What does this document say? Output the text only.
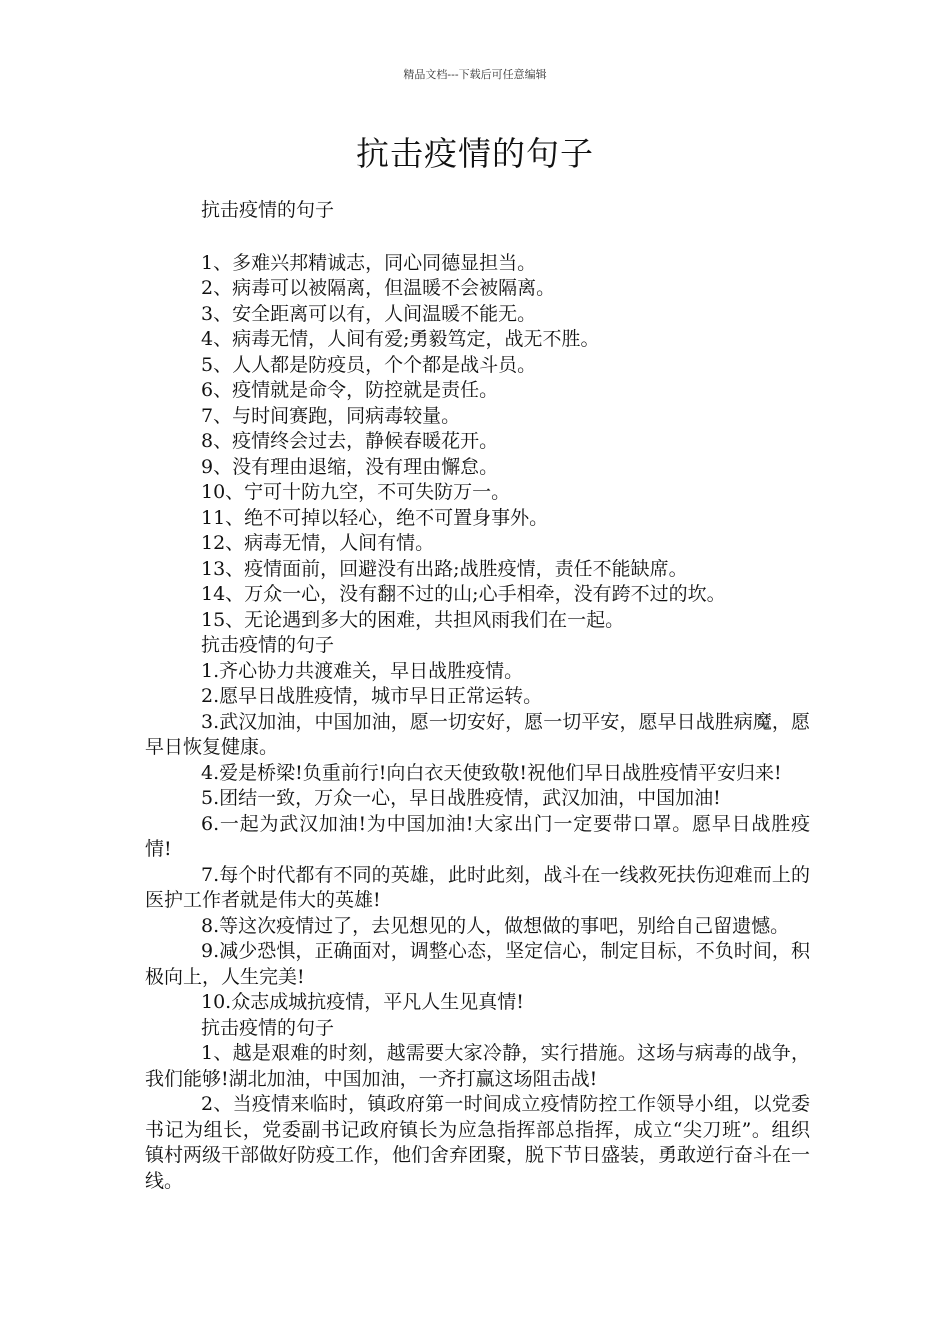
精品文档---下载后可任意编辑
抗击疫情的句子

抗击疫情的句子

1、多难兴邦精诚志，同心同德显担当。

2、病毒可以被隔离，但温暖不会被隔离。

3、安全距离可以有，人间温暖不能无。

4、病毒无情，人间有爱;勇毅笃定，战无不胜。

5、人人都是防疫员，个个都是战斗员。

6、疫情就是命令，防控就是责任。

7、与时间赛跑，同病毒较量。

8、疫情终会过去，静候春暖花开。

9、没有理由退缩，没有理由懈怠。

10、宁可十防九空，不可失防万一。

11、绝不可掉以轻心，绝不可置身事外。

12、病毒无情，人间有情。

13、疫情面前，回避没有出路;战胜疫情，责任不能缺席。

14、万众一心，没有翻不过的山;心手相牵，没有跨不过的坎。

15、无论遇到多大的困难，共担风雨我们在一起。

抗击疫情的句子

1.齐心协力共渡难关，早日战胜疫情。

2.愿早日战胜疫情，城市早日正常运转。

3.武汉加油，中国加油，愿一切安好，愿一切平安，愿早日战胜病魔，愿早日恢复健康。

4.爱是桥梁!负重前行!向白衣天使致敬!祝他们早日战胜疫情平安归来!

5.团结一致，万众一心，早日战胜疫情，武汉加油，中国加油!

6.一起为武汉加油!为中国加油!大家出门一定要带口罩。愿早日战胜疫情!

7.每个时代都有不同的英雄，此时此刻，战斗在一线救死扶伤迎难而上的医护工作者就是伟大的英雄!

8.等这次疫情过了，去见想见的人，做想做的事吧，别给自己留遗憾。

9.减少恐惧，正确面对，调整心态，坚定信心，制定目标，不负时间，积极向上，人生完美!

10.众志成城抗疫情，平凡人生见真情!

抗击疫情的句子

1、越是艰难的时刻，越需要大家冷静，实行措施。这场与病毒的战争，我们能够!湖北加油，中国加油，一齐打赢这场阻击战!

2、当疫情来临时，镇政府第一时间成立疫情防控工作领导小组，以党委书记为组长，党委副书记政府镇长为应急指挥部总指挥，成立“尖刀班”。组织镇村两级干部做好防疫工作，他们舍弃团聚，脱下节日盛装，勇敢逆行奋斗在一线。
